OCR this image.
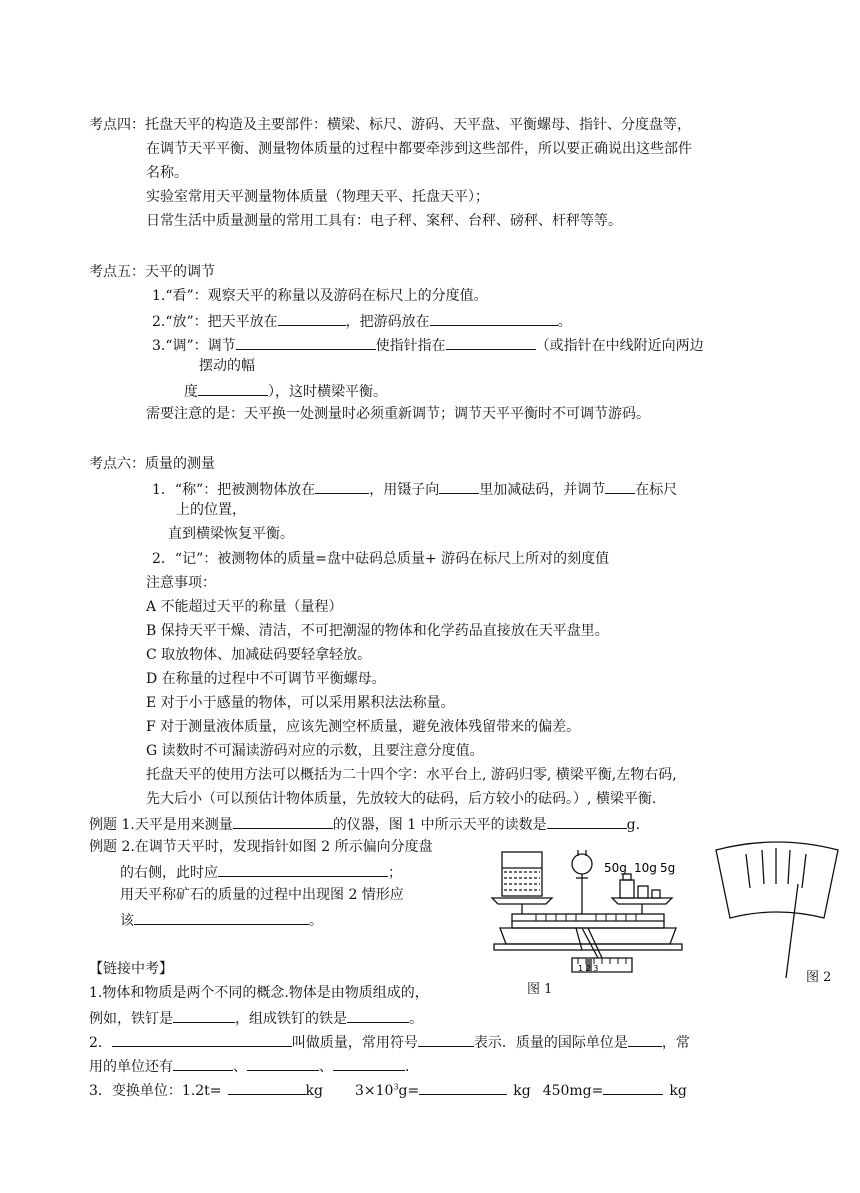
考点四：托盘天平的构造及主要部件：横梁、标尺、游码、天平盘、平衡螺母、指针、分度盘等，
在调节天平平衡、测量物体质量的过程中都要牵涉到这些部件，所以要正确说出这些部件
名称。
实验室常用天平测量物体质量（物理天平、托盘天平）；
日常生活中质量测量的常用工具有：电子秤、案秤、台秤、磅秤、杆秤等等。
考点五：天平的调节
1.“看”：观察天平的称量以及游码在标尺上的分度值。
2.“放”：把天平放在	，把游码放在	。
3.“调”：调节	使指针指在	（或指针在中线附近向两边
摆动的幅
度	），这时横梁平衡。
需要注意的是：天平换一处测量时必须重新调节；调节天平平衡时不可调节游码。
考点六：质量的测量
1．“称”：把被测物体放在	，用镊子向	里加减砝码，并调节 在标尺
上的位置，
直到横梁恢复平衡。
2．“记”：被测物体的质量=盘中砝码总质量+ 游码在标尺上所对的刻度值
注意事项：
A 不能超过天平的称量（量程）
B 保持天平干燥、清洁，不可把潮湿的物体和化学药品直接放在天平盘里。
C 取放物体、加减砝码要轻拿轻放。
D 在称量的过程中不可调节平衡螺母。
E 对于小于感量的物体，可以采用累积法法称量。
F 对于测量液体质量，应该先测空杯质量，避免液体残留带来的偏差。
G 读数时不可漏读游码对应的示数，且要注意分度值。
托盘天平的使用方法可以概括为二十四个字：水平台上, 游码归零, 横梁平衡,左物右码,
先大后小（可以预估计物体质量，先放较大的砝码，后方较小的砝码。）, 横梁平衡.
例题 1.天平是用来测量	的仪器，图 1 中所示天平的读数是	g.
例题 2.在调节天平时，发现指针如图 2 所示偏向分度盘
的右侧，此时应	；
用天平称矿石的质量的过程中出现图 2 情形应
该	。
50g 10g 5g
1 2 3
图 1
图 2
【链接中考】
1.物体和物质是两个不同的概念.物体是由物质组成的，
例如，铁钉是	，组成铁钉的铁是	。
2．	叫做质量，常用符号	表示．质量的国际单位是 ，常
用的单位还有	、	、	．
3．变换单位：1.2t=	kg $3\times 10^3g=$	kg 450mg=	kg
